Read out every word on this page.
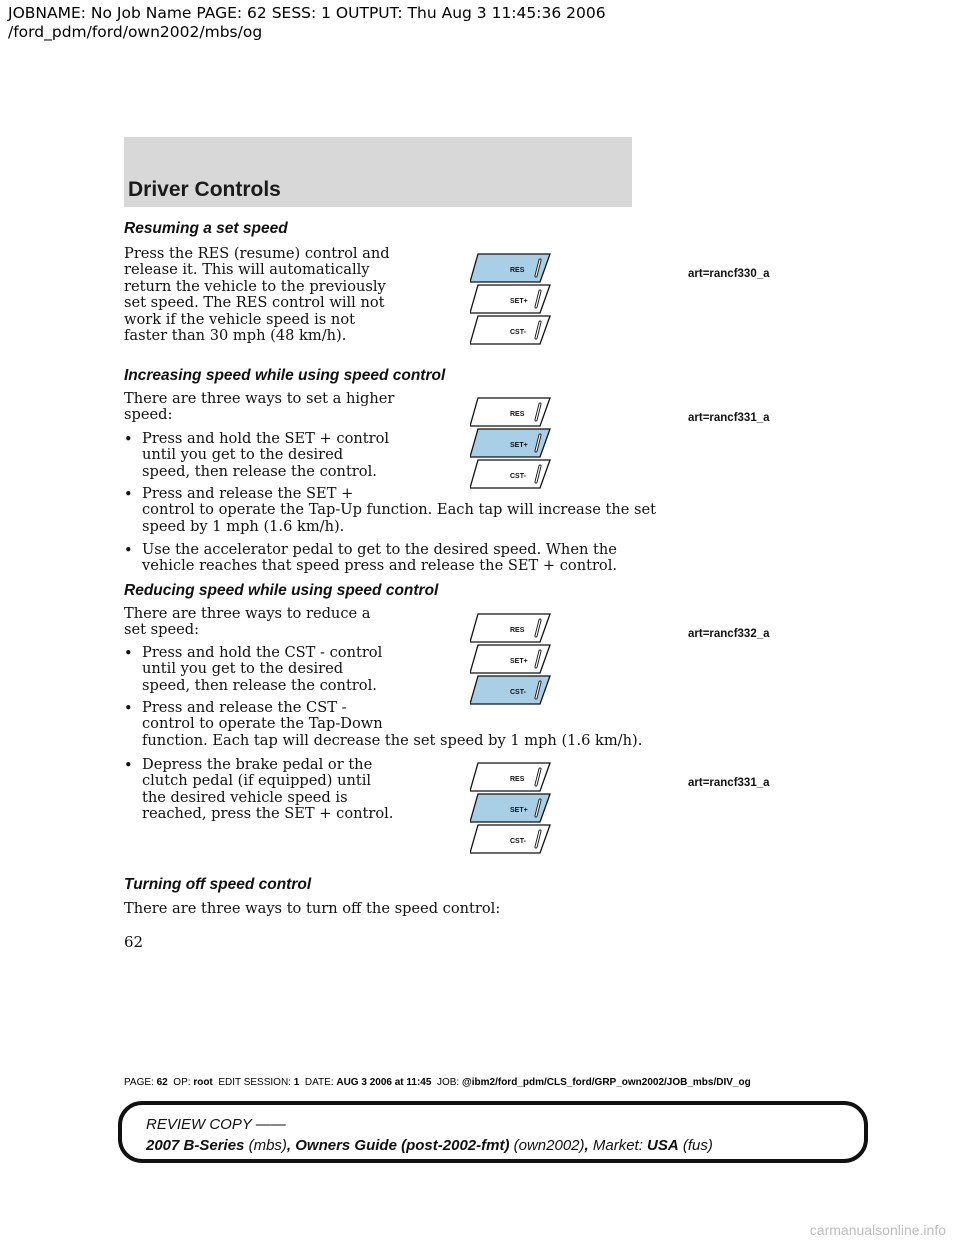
JOBNAME: No Job Name PAGE: 62 SESS: 1 OUTPUT: Thu Aug 3 11:45:36 2006
/ford_pdm/ford/own2002/mbs/og
Driver Controls
Resuming a set speed
Press the RES (resume) control and
release it. This will automatically
return the vehicle to the previously
set speed. The RES control will not
work if the vehicle speed is not
faster than 30 mph (48 km/h).
Increasing speed while using speed control
There are three ways to set a higher
speed:
• Press and hold the SET + control
until you get to the desired
speed, then release the control.
• Press and release the SET +
control to operate the Tap-Up function. Each tap will increase the set
speed by 1 mph (1.6 km/h).
• Use the accelerator pedal to get to the desired speed. When the
vehicle reaches that speed press and release the SET + control.
Reducing speed while using speed control
There are three ways to reduce a
set speed:
• Press and hold the CST - control
until you get to the desired
speed, then release the control.
• Press and release the CST -
control to operate the Tap-Down
function. Each tap will decrease the set speed by 1 mph (1.6 km/h).
• Depress the brake pedal or the
clutch pedal (if equipped) until
the desired vehicle speed is
reached, press the SET + control.
Turning off speed control
There are three ways to turn off the speed control:
RES
SET+
CST-
art=rancf330_a
RES
SET+
CST-
art=rancf331_a
RES
SET+
CST-
art=rancf332_a
RES
SET+
CST-
art=rancf331_a
62
PAGE: 62 OP: root EDIT SESSION: 1 DATE: AUG 3 2006 at 11:45 JOB: @ibm2/ford_pdm/CLS_ford/GRP_own2002/JOB_mbs/DIV_og
REVIEW COPY ——
2007 B-Series (mbs), Owners Guide (post-2002-fmt) (own2002), Market: USA (fus)
carmanualsonline.info
